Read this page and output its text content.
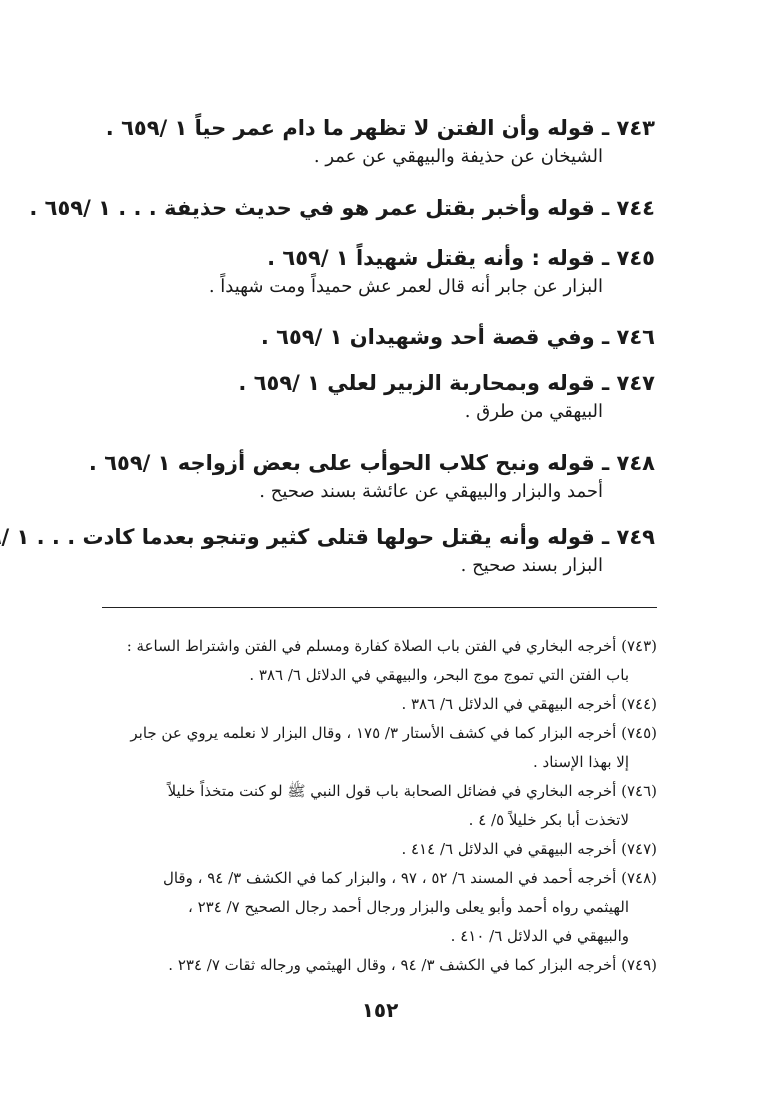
٧٤٣ ـ قوله وأن الفتن لا تظهر ما دام عمر حياً ١ /٦٥٩ .
الشيخان عن حذيفة والبيهقي عن عمر .
٧٤٤ ـ قوله وأخبر بقتل عمر هو في حديث حذيفة . . . ١ /٦٥٩ .
٧٤٥ ـ قوله : وأنه يقتل شهيداً ١ /٦٥٩ .
البزار عن جابر أنه قال لعمر عش حميداً ومت شهيداً .
٧٤٦ ـ وفي قصة أحد وشهيدان ١ /٦٥٩ .
٧٤٧ ـ قوله وبمحاربة الزبير لعلي ١ /٦٥٩ .
البيهقي من طرق .
٧٤٨ ـ قوله ونبح كلاب الحوأب على بعض أزواجه ١ /٦٥٩ .
أحمد والبزار والبيهقي عن عائشة بسند صحيح .
٧٤٩ ـ قوله وأنه يقتل حولها قتلى كثير وتنجو بعدما كادت . . . ١ /
البزار بسند صحيح .
(٧٤٣) أخرجه البخاري في الفتن باب الصلاة كفارة ومسلم في الفتن واشتراط الساعة :
باب الفتن التي تموج موج البحر، والبيهقي في الدلائل ٦/ ٣٨٦ .
(٧٤٤) أخرجه البيهقي في الدلائل ٦/ ٣٨٦ .
(٧٤٥) أخرجه البزار كما في كشف الأستار ٣/ ١٧٥ ، وقال البزار لا نعلمه يروي عن جابر
إلا بهذا الإسناد .
(٧٤٦) أخرجه البخاري في فضائل الصحابة باب قول النبي ﷺ لو كنت متخذاً خليلاً
لاتخذت أبا بكر خليلاً ٥/ ٤ .
(٧٤٧) أخرجه البيهقي في الدلائل ٦/ ٤١٤ .
(٧٤٨) أخرجه أحمد في المسند ٦/ ٥٢ ، ٩٧ ، والبزار كما في الكشف ٣/ ٩٤ ، وقال
الهيثمي رواه أحمد وأبو يعلى والبزار ورجال أحمد رجال الصحيح ٧/ ٢٣٤ ،
والبيهقي في الدلائل ٦/ ٤١٠ .
(٧٤٩) أخرجه البزار كما في الكشف ٣/ ٩٤ ، وقال الهيثمي ورجاله ثقات ٧/ ٢٣٤ .
١٥٢
